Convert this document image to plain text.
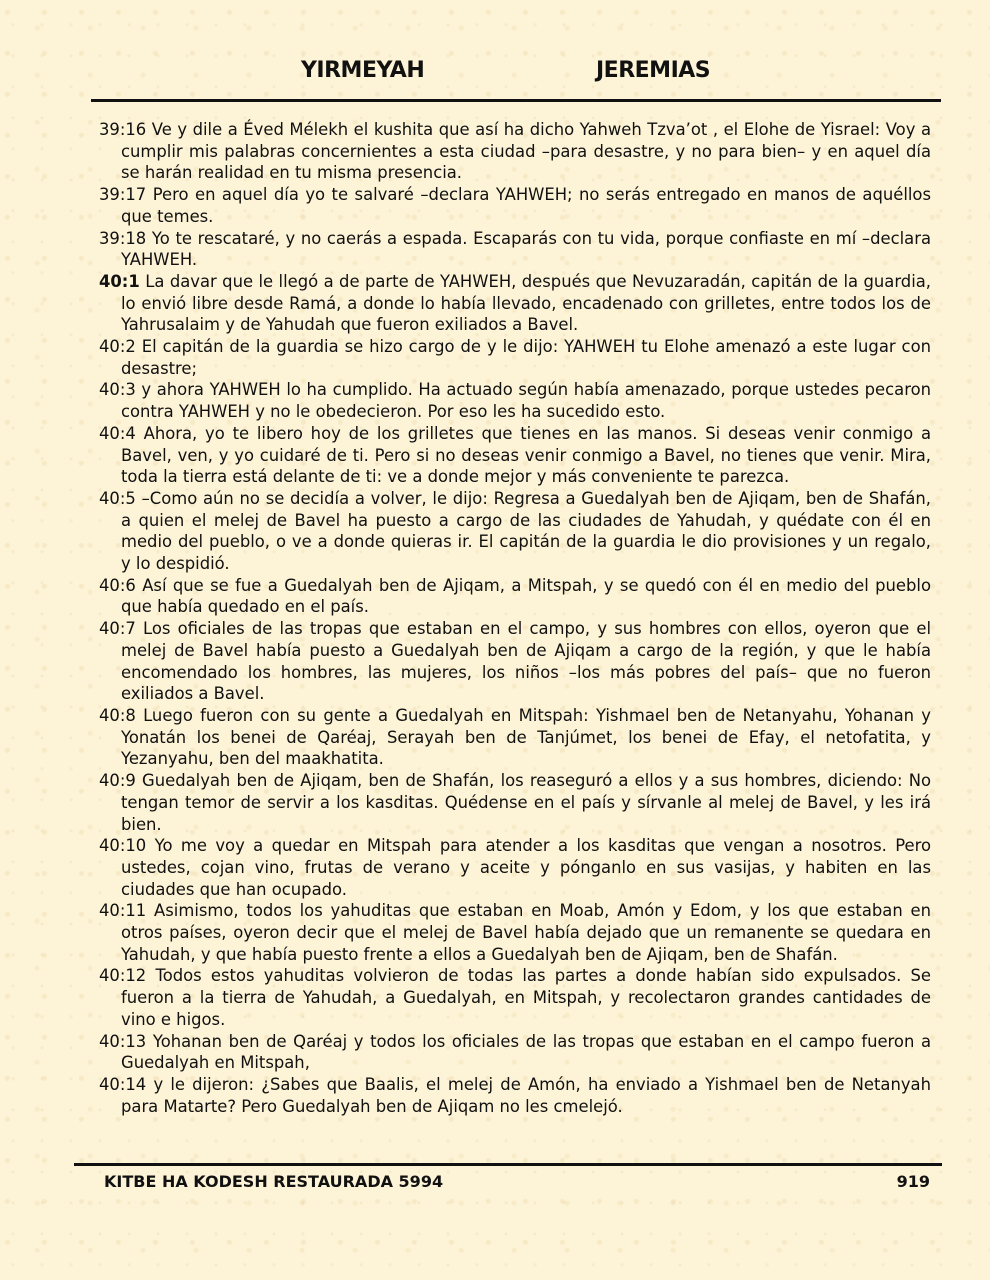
YIRMEYAH	JEREMIAS

39:16 Ve y dile a Éved Mélekh el kushita que así ha dicho Yahweh Tzva’ot , el Elohe de Yisrael: Voy a cumplir mis palabras concernientes a esta ciudad –para desastre, y no para bien– y en aquel día se harán realidad en tu misma presencia.

39:17 Pero en aquel día yo te salvaré –declara YAHWEH; no serás entregado en manos de aquéllos que temes.

39:18 Yo te rescataré, y no caerás a espada. Escaparás con tu vida, porque confiaste en mí –declara YAHWEH.

40:1 La davar que le llegó a de parte de YAHWEH, después que Nevuzaradán, capitán de la guardia, lo envió libre desde Ramá, a donde lo había llevado, encadenado con grilletes, entre todos los de Yahrusalaim y de Yahudah que fueron exiliados a Bavel.

40:2 El capitán de la guardia se hizo cargo de y le dijo: YAHWEH tu Elohe amenazó a este lugar con desastre;

40:3 y ahora YAHWEH lo ha cumplido. Ha actuado según había amenazado, porque ustedes pecaron contra YAHWEH y no le obedecieron. Por eso les ha sucedido esto.

40:4 Ahora, yo te libero hoy de los grilletes que tienes en las manos. Si deseas venir conmigo a Bavel, ven, y yo cuidaré de ti. Pero si no deseas venir conmigo a Bavel, no tienes que venir. Mira, toda la tierra está delante de ti: ve a donde mejor y más conveniente te parezca.

40:5 –Como aún no se decidía a volver, le dijo: Regresa a Guedalyah ben de Ajiqam, ben de Shafán, a quien el melej de Bavel ha puesto a cargo de las ciudades de Yahudah, y quédate con él en medio del pueblo, o ve a donde quieras ir. El capitán de la guardia le dio provisiones y un regalo, y lo despidió.

40:6 Así que se fue a Guedalyah ben de Ajiqam, a Mitspah, y se quedó con él en medio del pueblo que había quedado en el país.

40:7 Los oficiales de las tropas que estaban en el campo, y sus hombres con ellos, oyeron que el melej de Bavel había puesto a Guedalyah ben de Ajiqam a cargo de la región, y que le había encomendado los hombres, las mujeres, los niños –los más pobres del país– que no fueron exiliados a Bavel.

40:8 Luego fueron con su gente a Guedalyah en Mitspah: Yishmael ben de Netanyahu, Yohanan y Yonatán los benei de Qaréaj, Serayah ben de Tanjúmet, los benei de Efay, el netofatita, y Yezanyahu, ben del maakhatita.

40:9 Guedalyah ben de Ajiqam, ben de Shafán, los reaseguró a ellos y a sus hombres, diciendo: No tengan temor de servir a los kasditas. Quédense en el país y sírvanle al melej de Bavel, y les irá bien.

40:10 Yo me voy a quedar en Mitspah para atender a los kasditas que vengan a nosotros. Pero ustedes, cojan vino, frutas de verano y aceite y pónganlo en sus vasijas, y habiten en las ciudades que han ocupado.

40:11 Asimismo, todos los yahuditas que estaban en Moab, Amón y Edom, y los que estaban en otros países, oyeron decir que el melej de Bavel había dejado que un remanente se quedara en Yahudah, y que había puesto frente a ellos a Guedalyah ben de Ajiqam, ben de Shafán.

40:12 Todos estos yahuditas volvieron de todas las partes a donde habían sido expulsados. Se fueron a la tierra de Yahudah, a Guedalyah, en Mitspah, y recolectaron grandes cantidades de vino e higos.

40:13 Yohanan ben de Qaréaj y todos los oficiales de las tropas que estaban en el campo fueron a Guedalyah en Mitspah,

40:14 y le dijeron: ¿Sabes que Baalis, el melej de Amón, ha enviado a Yishmael ben de Netanyah para Matarte? Pero Guedalyah ben de Ajiqam no les cmelejó.

KITBE HA KODESH RESTAURADA 5994	919
